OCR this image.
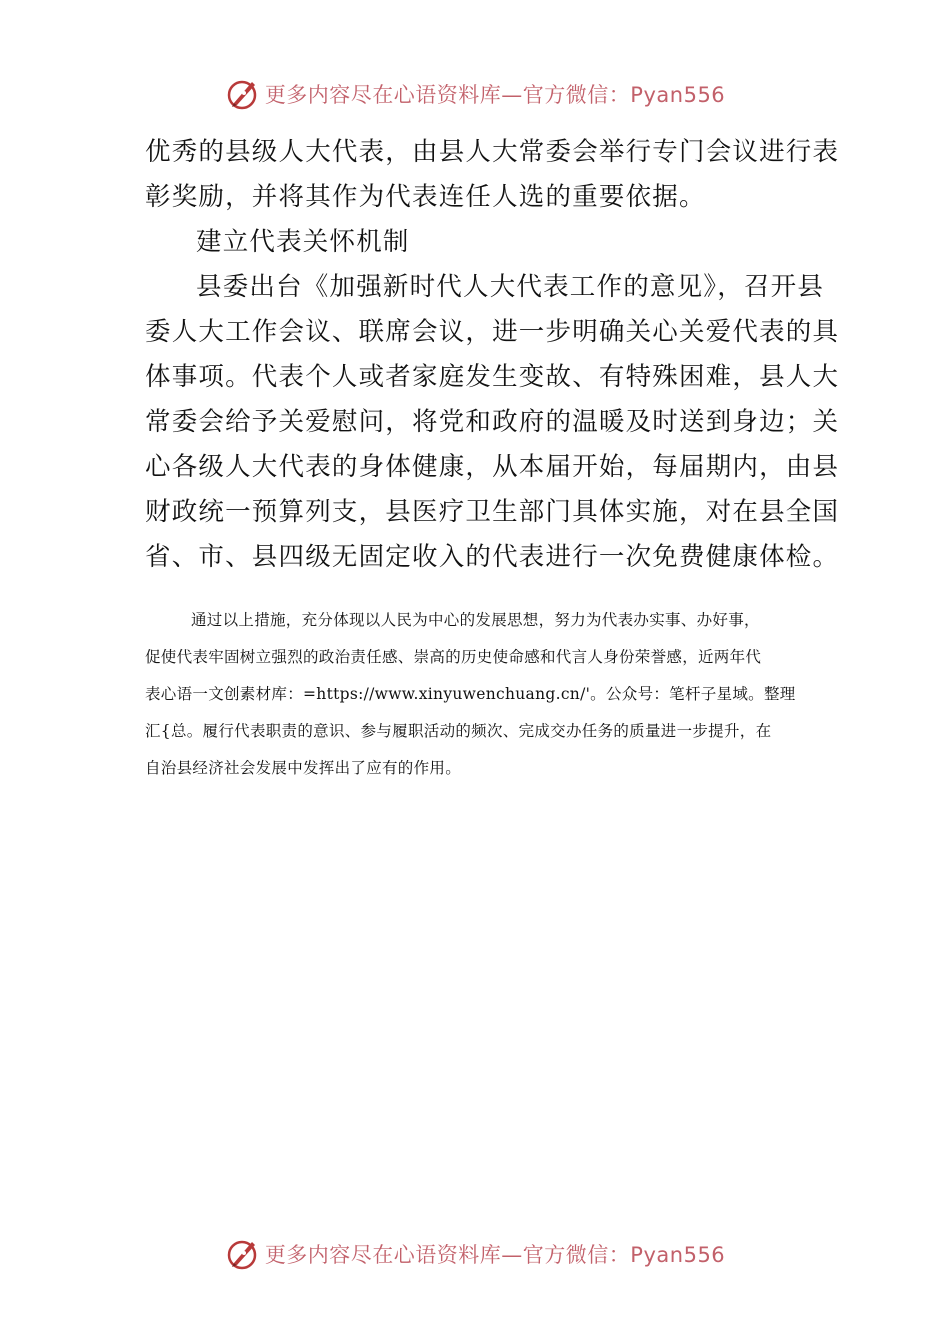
更多内容尽在心语资料库—官方微信：Pyan556
优秀的县级人大代表，由县人大常委会举行专门会议进行表
彰奖励，并将其作为代表连任人选的重要依据。
建立代表关怀机制
县委出台《加强新时代人大代表工作的意见》，召开县
委人大工作会议、联席会议，进一步明确关心关爱代表的具
体事项。代表个人或者家庭发生变故、有特殊困难，县人大
常委会给予关爱慰问，将党和政府的温暖及时送到身边；关
心各级人大代表的身体健康，从本届开始，每届期内，由县
财政统一预算列支，县医疗卫生部门具体实施，对在县全国
省、市、县四级无固定收入的代表进行一次免费健康体检。
通过以上措施，充分体现以人民为中心的发展思想，努力为代表办实事、办好事，
促使代表牢固树立强烈的政治责任感、崇高的历史使命感和代言人身份荣誉感，近两年代
表心语一文创素材库：=https://www.xinyuwenchuang.cn/'。公众号：笔杆子星域。整理
汇{总。履行代表职责的意识、参与履职活动的频次、完成交办任务的质量进一步提升，在
自治县经济社会发展中发挥出了应有的作用。
更多内容尽在心语资料库—官方微信：Pyan556
